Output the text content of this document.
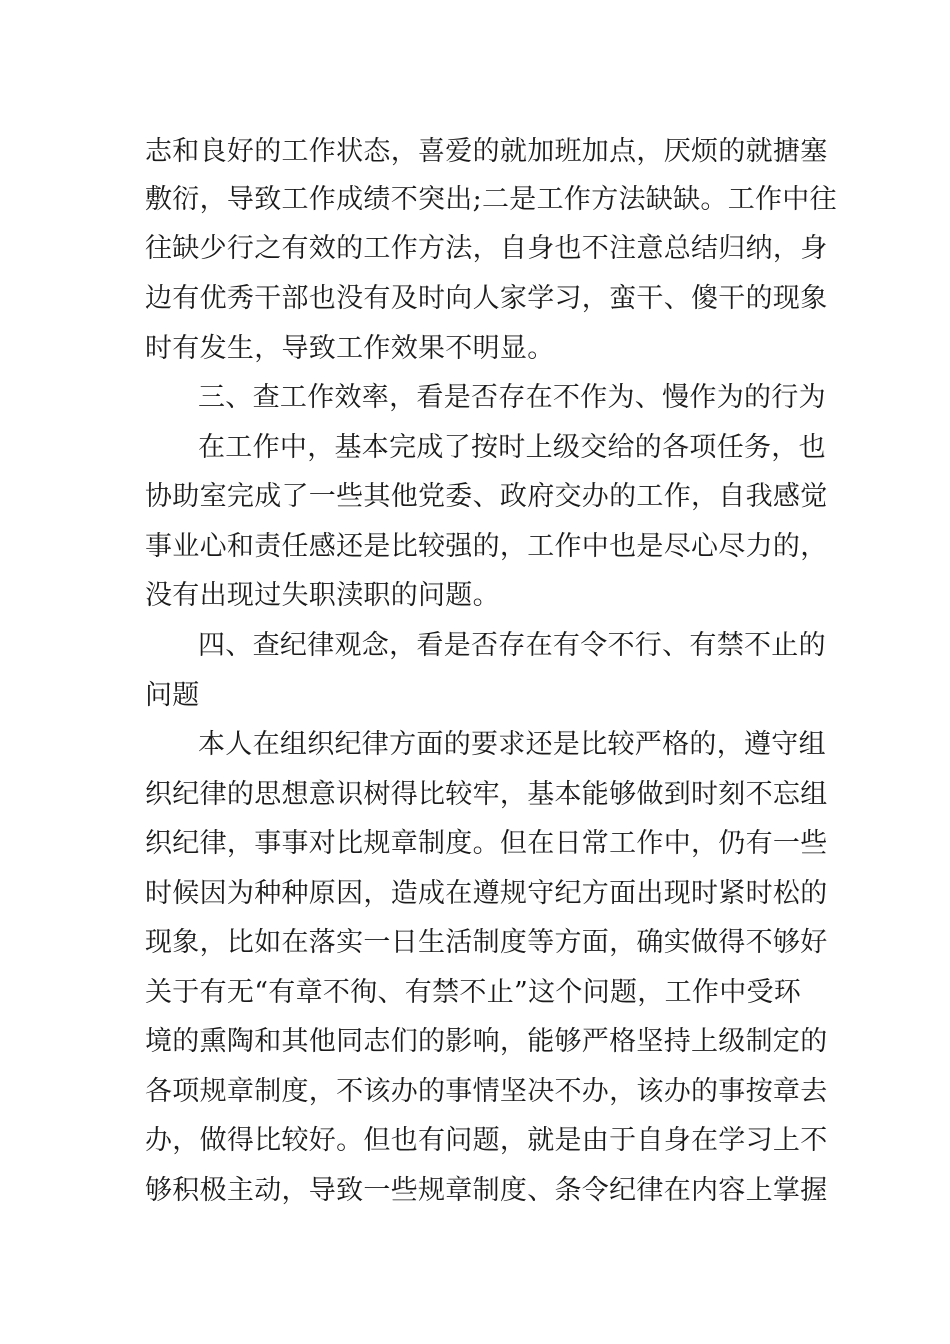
志和良好的工作状态，喜爱的就加班加点，厌烦的就搪塞
敷衍，导致工作成绩不突出;二是工作方法缺缺。工作中往
往缺少行之有效的工作方法，自身也不注意总结归纳，身
边有优秀干部也没有及时向人家学习，蛮干、傻干的现象
时有发生，导致工作效果不明显。
三、查工作效率，看是否存在不作为、慢作为的行为
在工作中，基本完成了按时上级交给的各项任务，也
协助室完成了一些其他党委、政府交办的工作，自我感觉
事业心和责任感还是比较强的，工作中也是尽心尽力的，
没有出现过失职渎职的问题。
四、查纪律观念，看是否存在有令不行、有禁不止的
问题
本人在组织纪律方面的要求还是比较严格的，遵守组
织纪律的思想意识树得比较牢，基本能够做到时刻不忘组
织纪律，事事对比规章制度。但在日常工作中，仍有一些
时候因为种种原因，造成在遵规守纪方面出现时紧时松的
现象，比如在落实一日生活制度等方面，确实做得不够好
关于有无“有章不徇、有禁不止”这个问题，工作中受环
境的熏陶和其他同志们的影响，能够严格坚持上级制定的
各项规章制度，不该办的事情坚决不办，该办的事按章去
办，做得比较好。但也有问题，就是由于自身在学习上不
够积极主动，导致一些规章制度、条令纪律在内容上掌握
